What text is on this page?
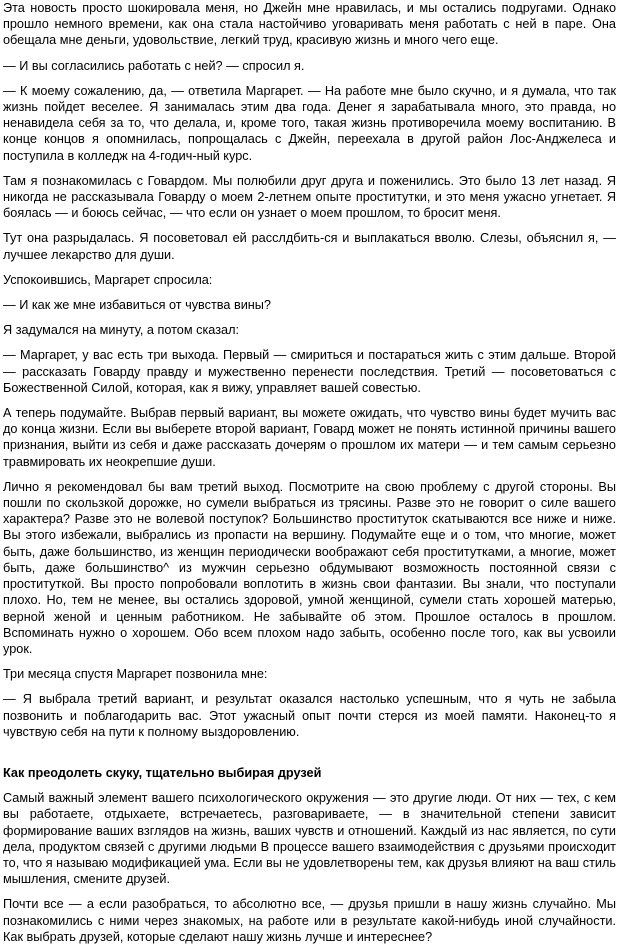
Эта новость просто шокировала меня, но Джейн мне нравилась, и мы остались подругами. Однако прошло немного времени, как она стала настойчиво уговаривать меня работать с ней в паре. Она обещала мне деньги, удовольствие, легкий труд, красивую жизнь и много чего еще.

— И вы согласились работать с ней? — спросил я.

— К моему сожалению, да, — ответила Маргарет. — На работе мне было скучно, и я думала, что так жизнь пойдет веселее. Я занималась этим два года. Денег я зарабатывала много, это правда, но ненавидела себя за то, что делала, и, кроме того, такая жизнь противоречила моему воспитанию. В конце концов я опомнилась, попрощалась с Джейн, переехала в другой район Лос-Анджелеса и поступила в колледж на 4-годич-ный курс.

Там я познакомилась с Говардом. Мы полюбили друг друга и поженились. Это было 13 лет назад. Я никогда не рассказывала Говарду о моем 2-летнем опыте проститутки, и это меня ужасно угнетает. Я боялась — и боюсь сейчас, — что если он узнает о моем прошлом, то бросит меня.

Тут она разрыдалась. Я посоветовал ей расслдбить-ся и выплакаться вволю. Слезы, объяснил я, — лучшее лекарство для души.

Успокоившись, Маргарет спросила:

— И как же мне избавиться от чувства вины?

Я задумался на минуту, а потом сказал:

— Маргарет, у вас есть три выхода. Первый — смириться и постараться жить с этим дальше. Второй — рассказать Говарду правду и мужественно перенести последствия. Третий — посоветоваться с Божественной Силой, которая, как я вижу, управляет вашей совестью.

А теперь подумайте. Выбрав первый вариант, вы можете ожидать, что чувство вины будет мучить вас до конца жизни. Если вы выберете второй вариант, Говард может не понять истинной причины вашего признания, выйти из себя и даже рассказать дочерям о прошлом их матери — и тем самым серьезно травмировать их неокрепшие души.

Лично я рекомендовал бы вам третий выход. Посмотрите на свою проблему с другой стороны. Вы пошли по скользкой дорожке, но сумели выбраться из трясины. Разве это не говорит о силе вашего характера? Разве это не волевой поступок? Большинство проституток скатываются все ниже и ниже. Вы этого избежали, выбрались из пропасти на вершину. Подумайте еще и о том, что многие, может быть, даже большинство, из женщин периодически воображают себя проститутками, а многие, может быть, даже большинство^ из мужчин серьезно обдумывают возможность постоянной связи с проституткой. Вы просто попробовали воплотить в жизнь свои фантазии. Вы знали, что поступали плохо. Но, тем не менее, вы остались здоровой, умной женщиной, сумели стать хорошей матерью, верной женой и ценным работником. Не забывайте об этом. Прошлое осталось в прошлом. Вспоминать нужно о хорошем. Обо всем плохом надо забыть, особенно после того, как вы усвоили урок.

Три месяца спустя Маргарет позвонила мне:

— Я выбрала третий вариант, и результат оказался настолько успешным, что я чуть не забыла позвонить и поблагодарить вас. Этот ужасный опыт почти стерся из моей памяти. Наконец-то я чувствую себя на пути к полному выздоровлению.

Как преодолеть скуку, тщательно выбирая друзей

Самый важный элемент вашего психологического окружения — это другие люди. От них — тех, с кем вы работаете, отдыхаете, встречаетесь, разговариваете, — в значительной степени зависит формирование ваших взглядов на жизнь, ваших чувств и отношений. Каждый из нас является, по сути дела, продуктом связей с другими людьми В процессе вашего взаимодействия с друзьями происходит то, что я называю модификацией ума. Если вы не удовлетворены тем, как друзья влияют на ваш стиль мышления, смените друзей.

Почти все — а если разобраться, то абсолютно все, — друзья пришли в нашу жизнь случайно. Мы познакомились с ними через знакомых, на работе или в результате какой-нибудь иной случайности. Как выбрать друзей, которые сделают нашу жизнь лучше и интереснее?
